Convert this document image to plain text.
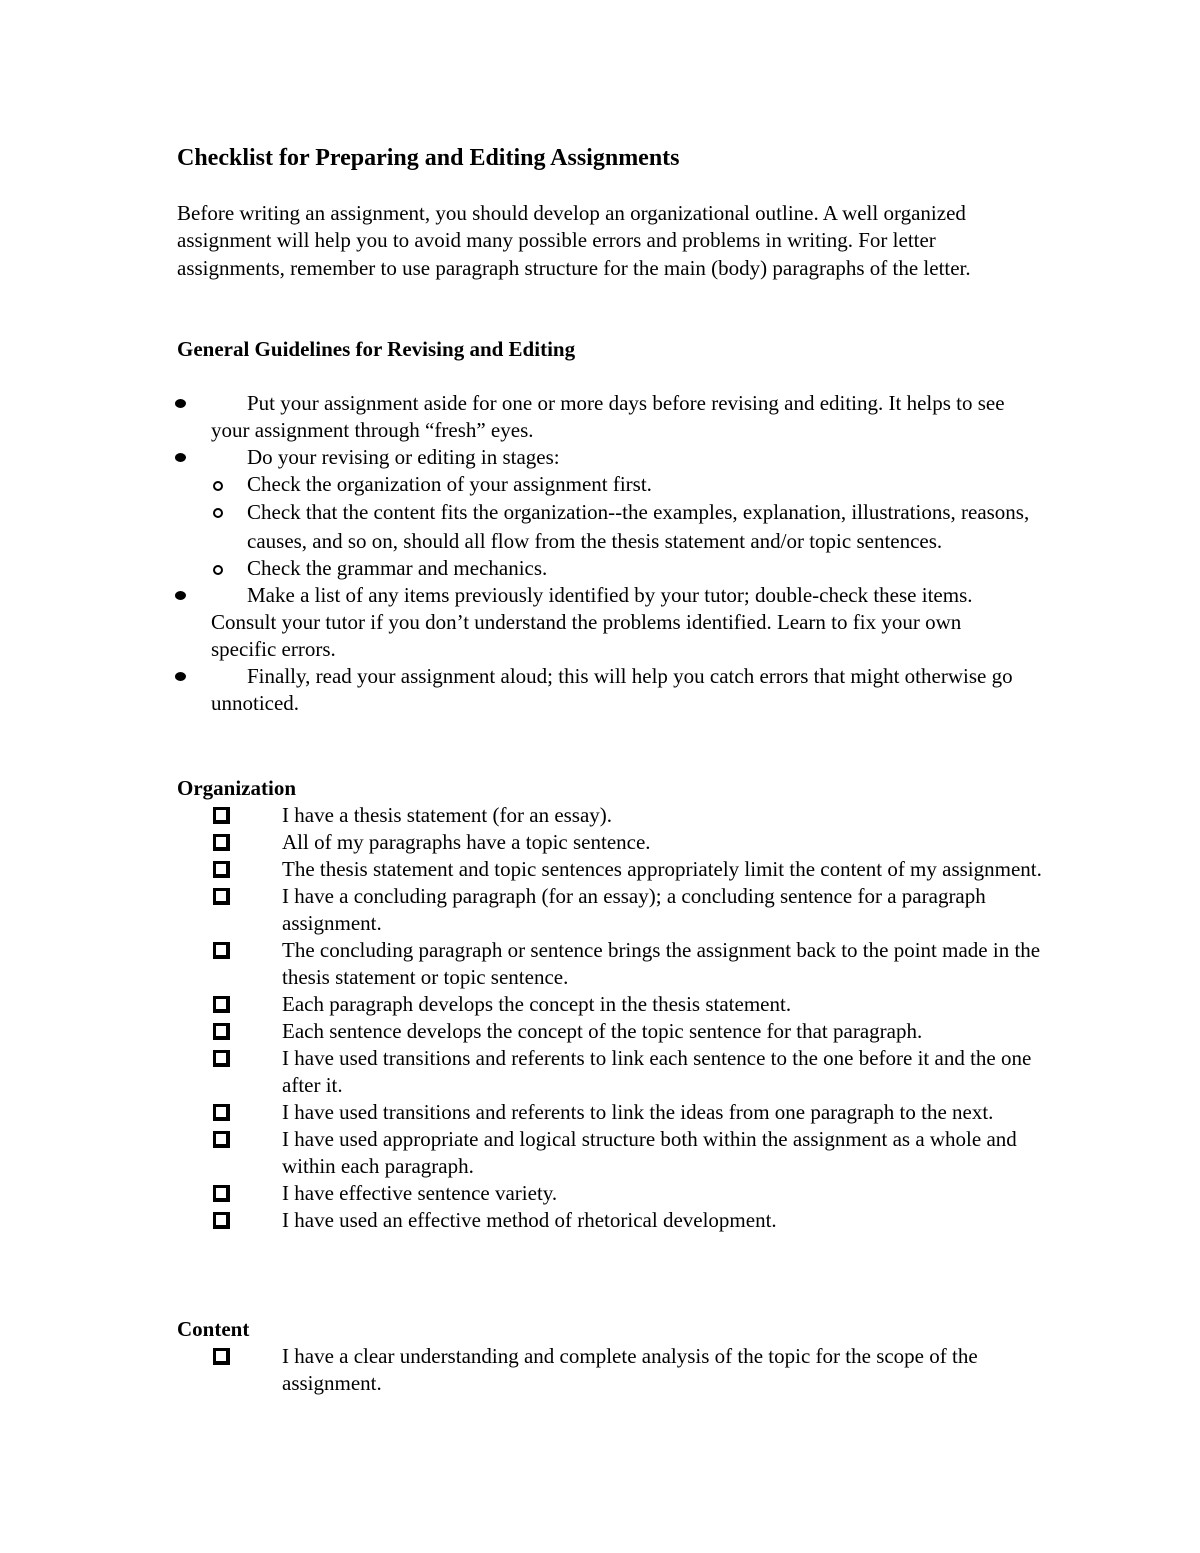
Checklist for Preparing and Editing Assignments

Before writing an assignment, you should develop an organizational outline. A well organized assignment will help you to avoid many possible errors and problems in writing. For letter assignments, remember to use paragraph structure for the main (body) paragraphs of the letter.

General Guidelines for Revising and Editing
Put your assignment aside for one or more days before revising and editing. It helps to see your assignment through “fresh” eyes.
Do your revising or editing in stages:
Check the organization of your assignment first.
Check that the content fits the organization--the examples, explanation, illustrations, reasons, causes, and so on, should all flow from the thesis statement and/or topic sentences.
Check the grammar and mechanics.
Make a list of any items previously identified by your tutor; double-check these items. Consult your tutor if you don’t understand the problems identified. Learn to fix your own specific errors.
Finally, read your assignment aloud; this will help you catch errors that might otherwise go unnoticed.
Organization
I have a thesis statement (for an essay).
All of my paragraphs have a topic sentence.
The thesis statement and topic sentences appropriately limit the content of my assignment.
I have a concluding paragraph (for an essay); a concluding sentence for a paragraph assignment.
The concluding paragraph or sentence brings the assignment back to the point made in the thesis statement or topic sentence.
Each paragraph develops the concept in the thesis statement.
Each sentence develops the concept of the topic sentence for that paragraph.
I have used transitions and referents to link each sentence to the one before it and the one after it.
I have used transitions and referents to link the ideas from one paragraph to the next.
I have used appropriate and logical structure both within the assignment as a whole and within each paragraph.
I have effective sentence variety.
I have used an effective method of rhetorical development.
Content
I have a clear understanding and complete analysis of the topic for the scope of the assignment.
